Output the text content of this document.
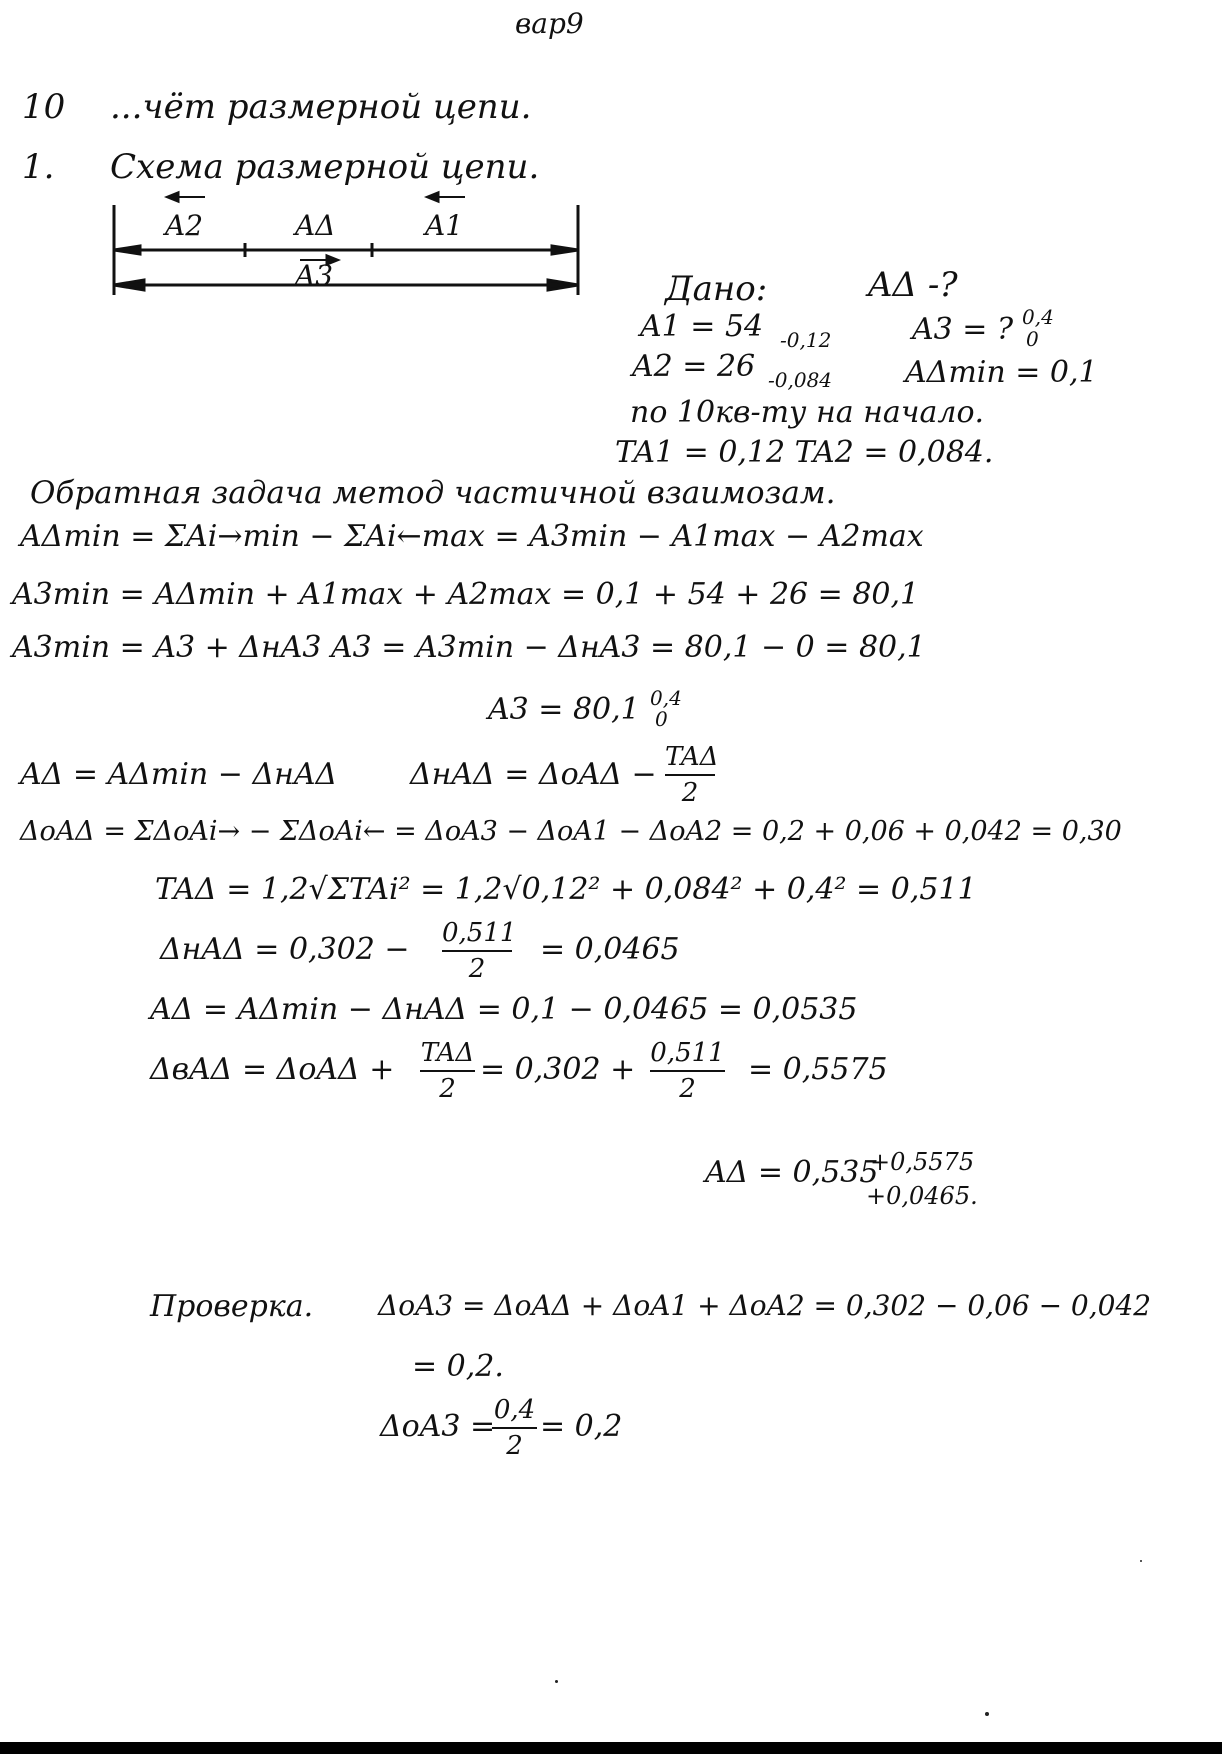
вар9
10 ...чёт размерной цепи.
1. Схема размерной цепи.
A2	AΔ	A1
A3	Дано:	AΔ -?
A1 = 54 -0,12	A3 = ? 0,4
0
A2 = 26 -0,084 AΔmin = 0,1
по 10кв-ту на начало.
TA1 = 0,12 TA2 = 0,084.
Обратная задача метод частичной взаимозам.
AΔmin = ΣAi→min − ΣAi←max = A3min − A1max − A2max
A3min = AΔmin + A1max + A2max = 0,1 + 54 + 26 = 80,1
A3min = A3 + ΔнA3 A3 = A3min − ΔнA3 = 80,1 − 0 = 80,1
A3 = 80,1 0,4
0
AΔ = AΔmin − ΔнAΔ ΔнAΔ = ΔoAΔ − TAΔ
2
ΔoAΔ = ΣΔoAi→ − ΣΔoAi← = ΔoA3 − ΔoA1 − ΔoA2 = 0,2 + 0,06 + 0,042 = 0,30
TAΔ = 1,2√ΣTAi² = 1,2√0,12² + 0,084² + 0,4² = 0,511
ΔнAΔ = 0,302 − 0,511
2
= 0,0465
AΔ = AΔmin − ΔнAΔ = 0,1 − 0,0465 = 0,0535
ΔвAΔ = ΔoAΔ + TAΔ
2
= 0,302 + 0,511
2
= 0,5575
AΔ = 0,535
+0,5575
+0,0465.
Проверка. ΔoA3 = ΔoAΔ + ΔoA1 + ΔoA2 = 0,302 − 0,06 − 0,042
= 0,2.
ΔoA3 =
0,4
2
= 0,2
